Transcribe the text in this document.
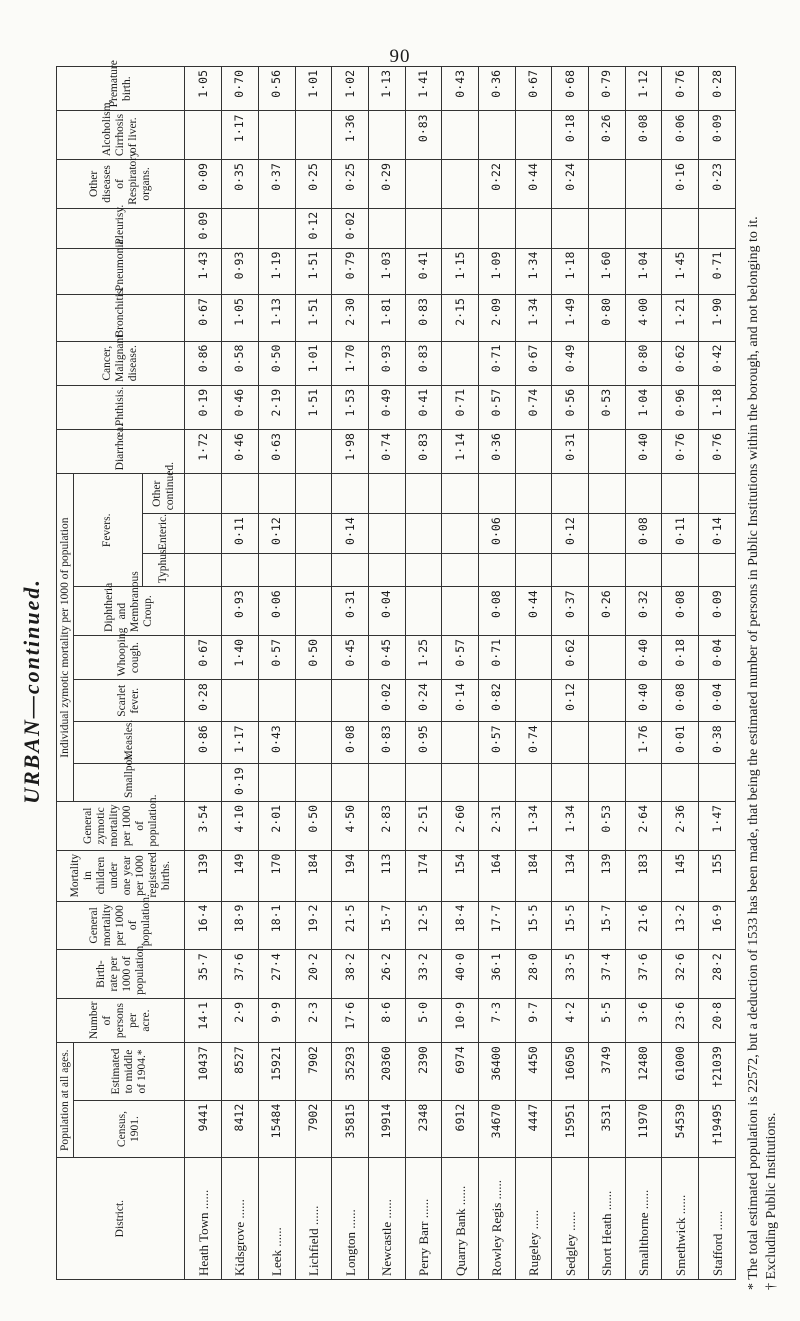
90
URBAN—continued.
District.	Population at all ages.		Number of persons per acre.	Birth-rate per 1000 of population.	General mortality per 1000 of population.	Mortality in children under one year per 1000 registered births.	General zymotic mortality per 1000 of population.	Individual zymotic mortality per 1000 of population								Diarrhœa.	Phthisis.	Cancer, Malignant disease.	Bronchitis.	Pneumonia.	Pleurisy.	Other diseases of Respiratory organs.	Alcoholism, Cirrhosis of liver.	Premature birth.
	Census, 1901.	Estimated to middle of 1904.*						Smallpox.	Measles.	Scarlet fever.	Whooping cough.	Diphtheria and Membranous Croup.	Fevers.											
													Typhus.	Enteric.	Other continued.									
Heath Town ......	9441	10437	14·1	35·7	16·4	139	3·54		0·86	0·28	0·67					1·72	0·19	0·86	0·67	1·43	0·09	0·09		1·05
Kidsgrove ......	8412	8527	2·9	37·6	18·9	149	4·10	0·19	1·17		1·40	0·93		0·11		0·46	0·46	0·58	1·05	0·93		0·35	1·17	0·70
Leek ......	15484	15921	9·9	27·4	18·1	170	2·01		0·43		0·57	0·06		0·12		0·63	2·19	0·50	1·13	1·19		0·37		0·56
Lichfield ......	7902	7902	2·3	20·2	19·2	184	0·50				0·50						1·51	1·01	1·51	1·51	0·12	0·25		1·01
Longton ......	35815	35293	17·6	38·2	21·5	194	4·50		0·08		0·45	0·31		0·14		1·98	1·53	1·70	2·30	0·79	0·02	0·25	1·36	1·02
Newcastle ......	19914	20360	8·6	26·2	15·7	113	2·83		0·83	0·02	0·45	0·04				0·74	0·49	0·93	1·81	1·03		0·29		1·13
Perry Barr ......	2348	2390	5·0	33·2	12·5	174	2·51		0·95	0·24	1·25					0·83	0·41	0·83	0·83	0·41			0·83	1·41
Quarry Bank ......	6912	6974	10·9	40·0	18·4	154	2·60			0·14	0·57					1·14	0·71		2·15	1·15				0·43
Rowley Regis ......	34670	36400	7·3	36·1	17·7	164	2·31		0·57	0·82	0·71	0·08		0·06		0·36	0·57	0·71	2·09	1·09		0·22		0·36
Rugeley ......	4447	4450	9·7	28·0	15·5	184	1·34		0·74			0·44					0·74	0·67	1·34	1·34		0·44		0·67
Sedgley ......	15951	16050	4·2	33·5	15·5	134	1·34			0·12	0·62	0·37		0·12		0·31	0·56	0·49	1·49	1·18		0·24	0·18	0·68
Short Heath ......	3531	3749	5·5	37·4	15·7	139	0·53					0·26					0·53		0·80	1·60			0·26	0·79
Smallthorne ......	11970	12480	3·6	37·6	21·6	183	2·64		1·76	0·40	0·40	0·32		0·08		0·40	1·04	0·80	4·00	1·04			0·08	1·12
Smethwick ......	54539	61000	23·6	32·6	13·2	145	2·36		0·01	0·08	0·18	0·08		0·11		0·76	0·96	0·62	1·21	1·45		0·16	0·06	0·76
Stafford ......	†19495	†21039	20·8	28·2	16·9	155	1·47		0·38	0·04	0·04	0·09		0·14		0·76	1·18	0·42	1·90	0·71		0·23	0·09	0·28
* The total estimated population is 22572, but a deduction of 1533 has been made, that being the estimated number of persons in Public Institutions within the borough, and not belonging to it. † Excluding Public Institutions.
